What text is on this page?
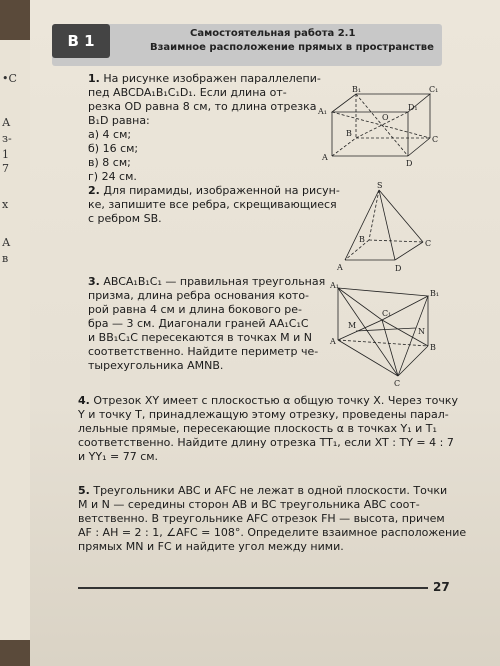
•С
А
з-
1
7
х
А
в
В 1	Самостоятельная работа 2.1
Взаимное расположение прямых в пространстве
1. На рисунке изображен параллелепи-
пед ABCDA₁B₁C₁D₁. Если длина от-
резка OD равна 8 см, то длина отрезка
B₁D равна:
а) 4 см;
б) 16 см;
в) 8 см;
г) 24 см.
B₁	C₁
A₁	D₁
O
B
C
A
D
2. Для пирамиды, изображенной на рисун-
ке, запишите все ребра, скрещивающиеся
с ребром SB.
S
B	C
A	D
3. ABCA₁B₁C₁ — правильная треугольная
призма, длина ребра основания кото-
рой равна 4 см и длина бокового ре-
бра — 3 см. Диагонали граней AA₁C₁C
и BB₁C₁C пересекаются в точках M и N
соответственно. Найдите периметр че-
тырехугольника AMNB.
A₁
B₁
C₁
M
N
A
B
C
4. Отрезок XY имеет с плоскостью α общую точку X. Через точку
Y и точку T, принадлежащую этому отрезку, проведены парал-
лельные прямые, пересекающие плоскость α в точках Y₁ и T₁
соответственно. Найдите длину отрезка TT₁, если XT : TY = 4 : 7
и YY₁ = 77 см.
5. Треугольники ABC и AFC не лежат в одной плоскости. Точки
M и N — середины сторон AB и BC треугольника ABC соот-
ветственно. В треугольнике AFC отрезок FH — высота, причем
AF : AH = 2 : 1, ∠AFC = 108°. Определите взаимное расположение
прямых MN и FC и найдите угол между ними.
27
